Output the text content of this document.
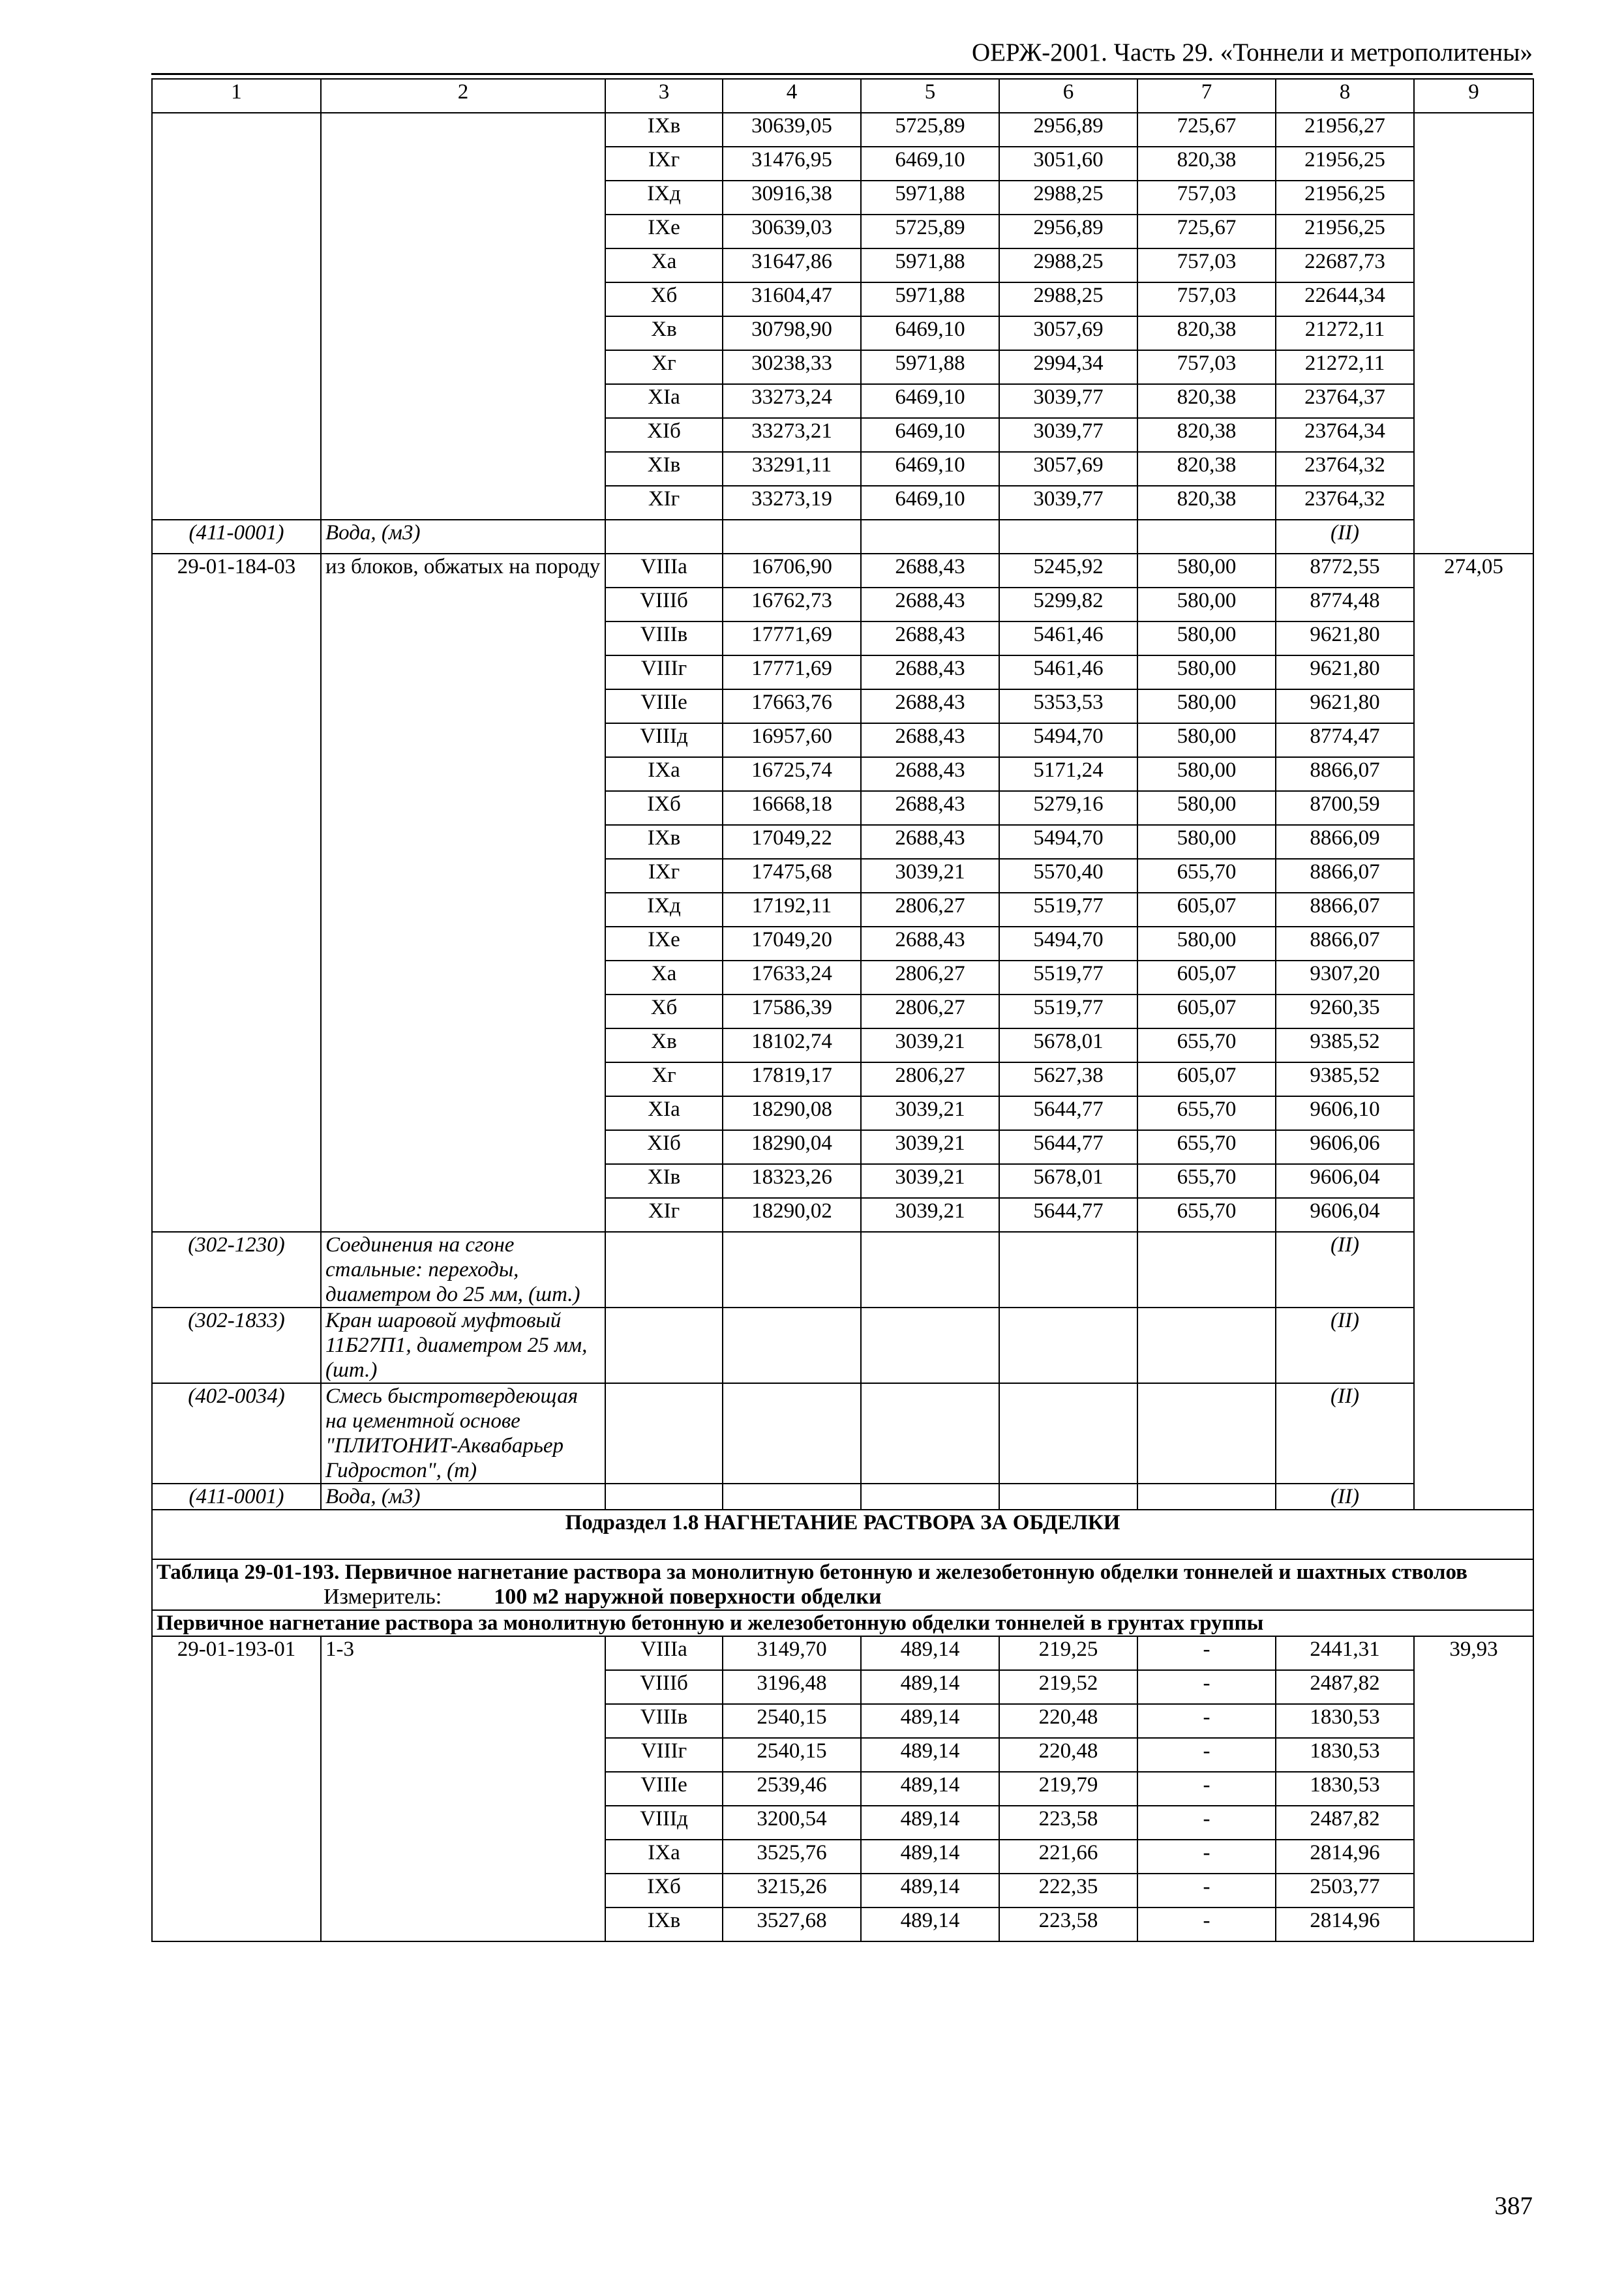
ОЕРЖ-2001. Часть 29. «Тоннели и метрополитены»
1	2	3	4	5	6	7	8	9
		IXв	30639,05	5725,89	2956,89	725,67	21956,27	
		IXг	31476,95	6469,10	3051,60	820,38	21956,25	
		IXд	30916,38	5971,88	2988,25	757,03	21956,25	
		IXе	30639,03	5725,89	2956,89	725,67	21956,25	
		Xа	31647,86	5971,88	2988,25	757,03	22687,73	
		Xб	31604,47	5971,88	2988,25	757,03	22644,34	
		Xв	30798,90	6469,10	3057,69	820,38	21272,11	
		Xг	30238,33	5971,88	2994,34	757,03	21272,11	
		XIа	33273,24	6469,10	3039,77	820,38	23764,37	
		XIб	33273,21	6469,10	3039,77	820,38	23764,34	
		XIв	33291,11	6469,10	3057,69	820,38	23764,32	
		XIг	33273,19	6469,10	3039,77	820,38	23764,32	
(411-0001)	Вода, (м3)						(II)	
29-01-184-03	из блоков, обжатых на породу	VIIIа	16706,90	2688,43	5245,92	580,00	8772,55	274,05
		VIIIб	16762,73	2688,43	5299,82	580,00	8774,48	
		VIIIв	17771,69	2688,43	5461,46	580,00	9621,80	
		VIIIг	17771,69	2688,43	5461,46	580,00	9621,80	
		VIIIе	17663,76	2688,43	5353,53	580,00	9621,80	
		VIIIд	16957,60	2688,43	5494,70	580,00	8774,47	
		IXа	16725,74	2688,43	5171,24	580,00	8866,07	
		IXб	16668,18	2688,43	5279,16	580,00	8700,59	
		IXв	17049,22	2688,43	5494,70	580,00	8866,09	
		IXг	17475,68	3039,21	5570,40	655,70	8866,07	
		IXд	17192,11	2806,27	5519,77	605,07	8866,07	
		IXе	17049,20	2688,43	5494,70	580,00	8866,07	
		Xа	17633,24	2806,27	5519,77	605,07	9307,20	
		Xб	17586,39	2806,27	5519,77	605,07	9260,35	
		Xв	18102,74	3039,21	5678,01	655,70	9385,52	
		Xг	17819,17	2806,27	5627,38	605,07	9385,52	
		XIа	18290,08	3039,21	5644,77	655,70	9606,10	
		XIб	18290,04	3039,21	5644,77	655,70	9606,06	
		XIв	18323,26	3039,21	5678,01	655,70	9606,04	
		XIг	18290,02	3039,21	5644,77	655,70	9606,04	
(302-1230)	Соединения на сгоне стальные: переходы, диаметром до 25 мм, (шт.)						(II)	
(302-1833)	Кран шаровой муфтовый 11Б27П1, диаметром 25 мм, (шт.)						(II)	
(402-0034)	Смесь быстротвердеющая на цементной основе "ПЛИТОНИТ-Аквабарьер Гидростоп", (т)						(II)	
(411-0001)	Вода, (м3)						(II)	
Подраздел 1.8 НАГНЕТАНИЕ РАСТВОРА ЗА ОБДЕЛКИ								

Таблица 29-01-193. Первичное нагнетание раствора за монолитную бетонную и железобетонную обделки тоннелей и шахтных стволов
Измеритель: 100 м2 наружной поверхности обделки								
Первичное нагнетание раствора за монолитную бетонную и железобетонную обделки тоннелей в грунтах группы								
29-01-193-01	1-3	VIIIа	3149,70	489,14	219,25	-	2441,31	39,93
		VIIIб	3196,48	489,14	219,52	-	2487,82	
		VIIIв	2540,15	489,14	220,48	-	1830,53	
		VIIIг	2540,15	489,14	220,48	-	1830,53	
		VIIIе	2539,46	489,14	219,79	-	1830,53	
		VIIIд	3200,54	489,14	223,58	-	2487,82	
		IXа	3525,76	489,14	221,66	-	2814,96	
		IXб	3215,26	489,14	222,35	-	2503,77	
		IXв	3527,68	489,14	223,58	-	2814,96	
387
